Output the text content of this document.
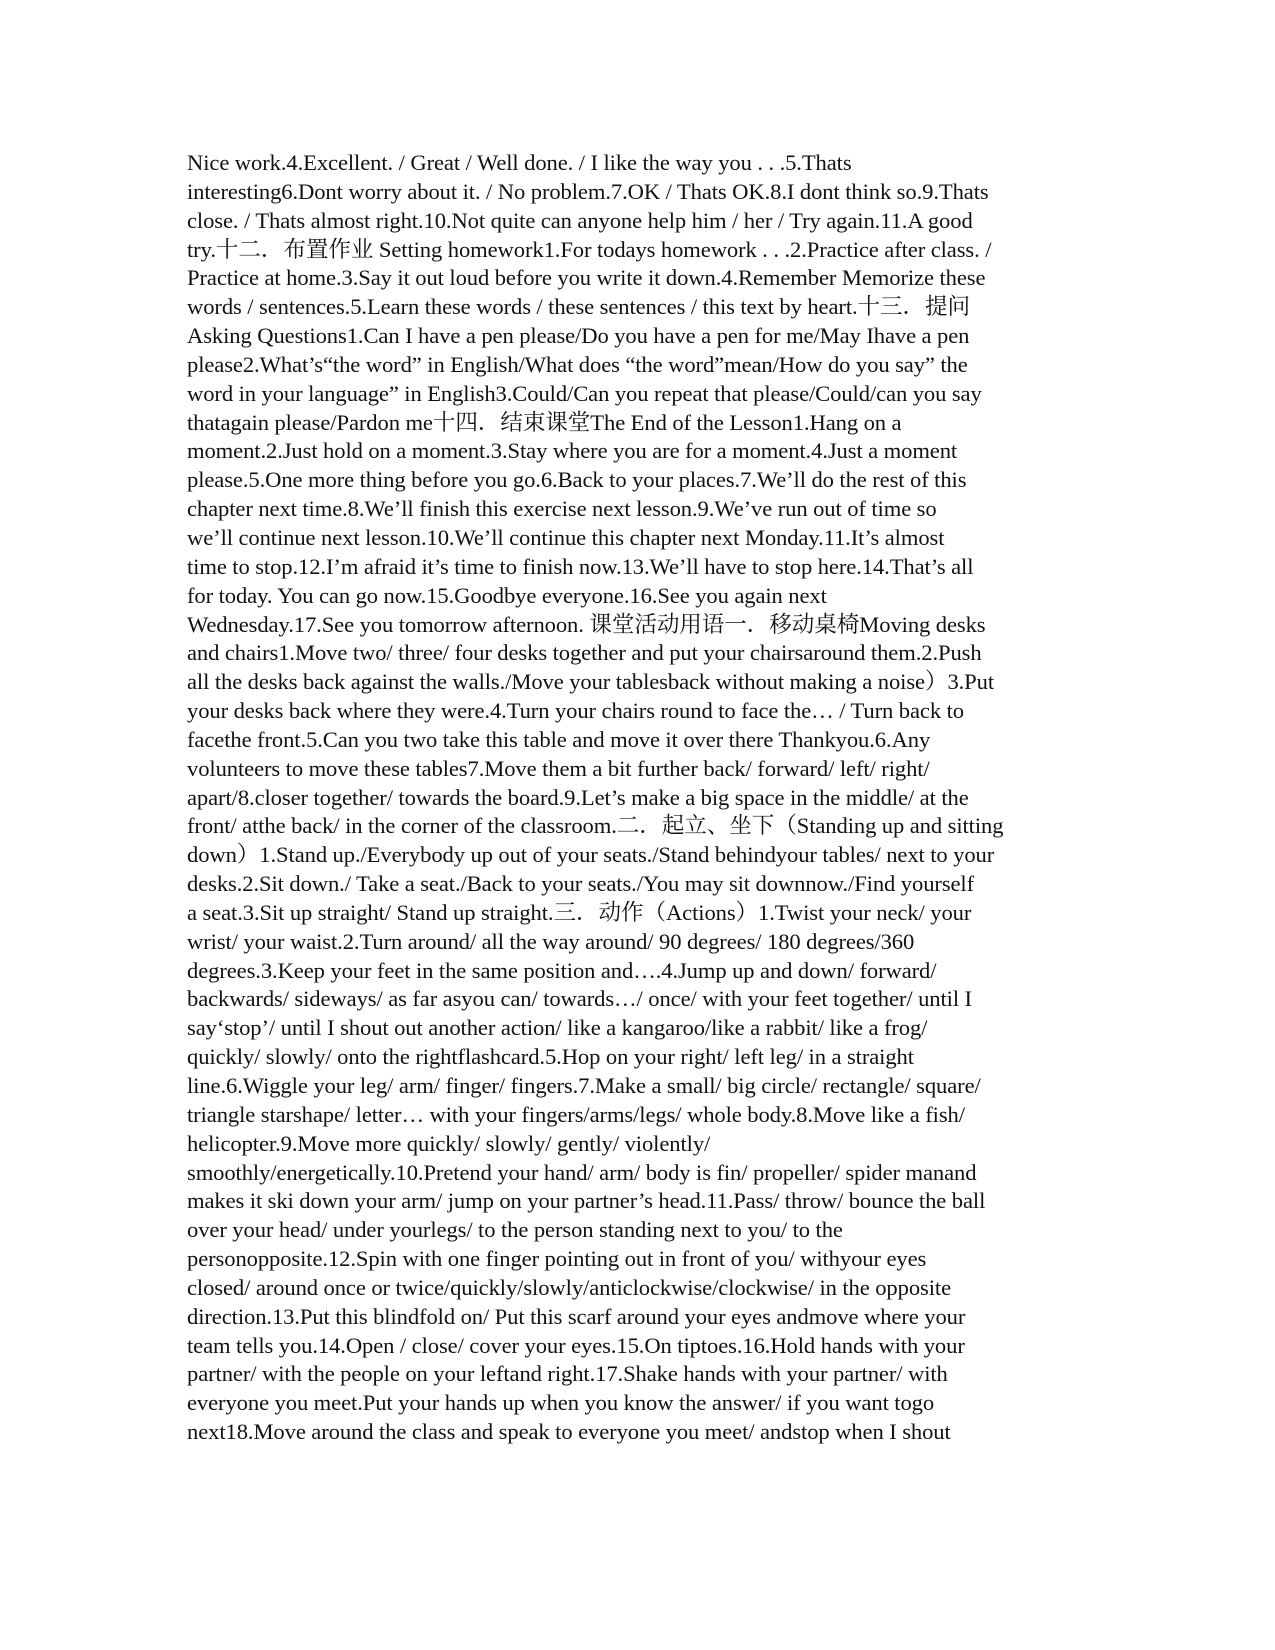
Nice work.4.Excellent. / Great / Well done. / I like the way you . . .5.Thats
interesting6.Dont worry about it. / No problem.7.OK / Thats OK.8.I dont think so.9.Thats
close. / Thats almost right.10.Not quite can anyone help him / her / Try again.11.A good
try.十二．布置作业 Setting homework1.For todays homework . . .2.Practice after class. /
Practice at home.3.Say it out loud before you write it down.4.Remember Memorize these
words / sentences.5.Learn these words / these sentences / this text by heart.十三．提问
Asking Questions1.Can I have a pen please/Do you have a pen for me/May Ihave a pen
please2.What’s“the word” in English/What does “the word”mean/How do you say” the
word in your language” in English3.Could/Can you repeat that please/Could/can you say
thatagain please/Pardon me十四．结束课堂The End of the Lesson1.Hang on a
moment.2.Just hold on a moment.3.Stay where you are for a moment.4.Just a moment
please.5.One more thing before you go.6.Back to your places.7.We’ll do the rest of this
chapter next time.8.We’ll finish this exercise next lesson.9.We’ve run out of time so
we’ll continue next lesson.10.We’ll continue this chapter next Monday.11.It’s almost
time to stop.12.I’m afraid it’s time to finish now.13.We’ll have to stop here.14.That’s all
for today. You can go now.15.Goodbye everyone.16.See you again next
Wednesday.17.See you tomorrow afternoon. 课堂活动用语一．移动桌椅Moving desks
and chairs1.Move two/ three/ four desks together and put your chairsaround them.2.Push
all the desks back against the walls./Move your tablesback without making a noise）3.Put
your desks back where they were.4.Turn your chairs round to face the… / Turn back to
facethe front.5.Can you two take this table and move it over there Thankyou.6.Any
volunteers to move these tables7.Move them a bit further back/ forward/ left/ right/
apart/8.closer together/ towards the board.9.Let’s make a big space in the middle/ at the
front/ atthe back/ in the corner of the classroom.二．起立、坐下（Standing up and sitting
down）1.Stand up./Everybody up out of your seats./Stand behindyour tables/ next to your
desks.2.Sit down./ Take a seat./Back to your seats./You may sit downnow./Find yourself
a seat.3.Sit up straight/ Stand up straight.三．动作（Actions）1.Twist your neck/ your
wrist/ your waist.2.Turn around/ all the way around/ 90 degrees/ 180 degrees/360
degrees.3.Keep your feet in the same position and….4.Jump up and down/ forward/
backwards/ sideways/ as far asyou can/ towards…/ once/ with your feet together/ until I
say‘stop’/ until I shout out another action/ like a kangaroo/like a rabbit/ like a frog/
quickly/ slowly/ onto the rightflashcard.5.Hop on your right/ left leg/ in a straight
line.6.Wiggle your leg/ arm/ finger/ fingers.7.Make a small/ big circle/ rectangle/ square/
triangle starshape/ letter… with your fingers/arms/legs/ whole body.8.Move like a fish/
helicopter.9.Move more quickly/ slowly/ gently/ violently/
smoothly/energetically.10.Pretend your hand/ arm/ body is fin/ propeller/ spider manand
makes it ski down your arm/ jump on your partner’s head.11.Pass/ throw/ bounce the ball
over your head/ under yourlegs/ to the person standing next to you/ to the
personopposite.12.Spin with one finger pointing out in front of you/ withyour eyes
closed/ around once or twice/quickly/slowly/anticlockwise/clockwise/ in the opposite
direction.13.Put this blindfold on/ Put this scarf around your eyes andmove where your
team tells you.14.Open / close/ cover your eyes.15.On tiptoes.16.Hold hands with your
partner/ with the people on your leftand right.17.Shake hands with your partner/ with
everyone you meet.Put your hands up when you know the answer/ if you want togo
next18.Move around the class and speak to everyone you meet/ andstop when I shout
